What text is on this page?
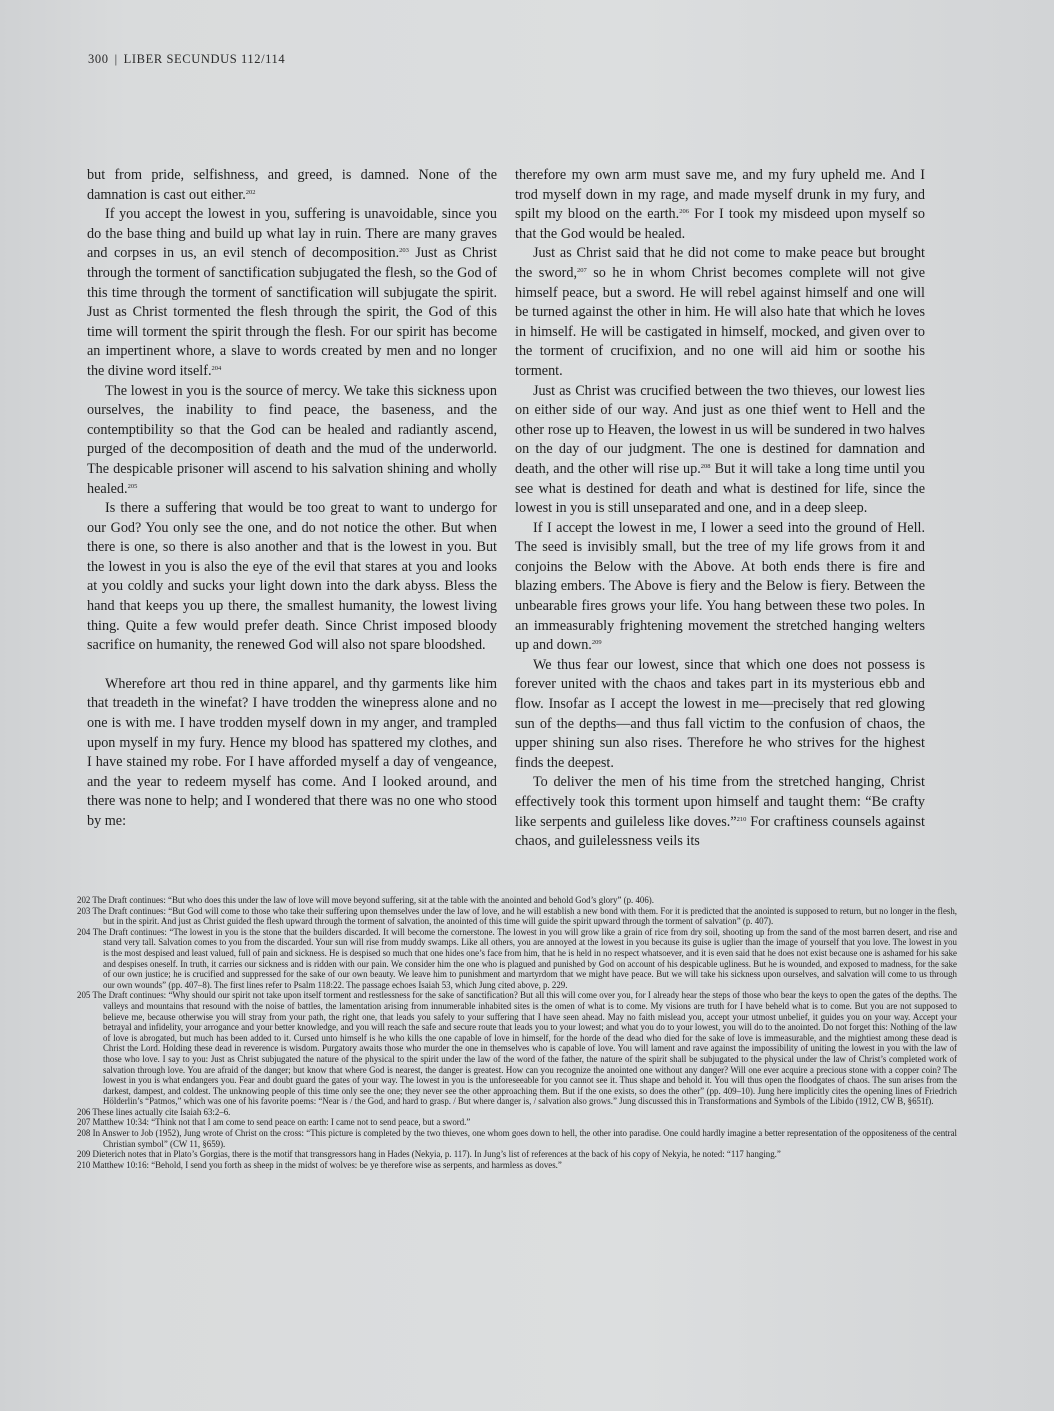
300 | LIBER SECUNDUS 112/114

but from pride, selfishness, and greed, is damned. None of the damnation is cast out either.$^{202}$

If you accept the lowest in you, suffering is unavoidable, since you do the base thing and build up what lay in ruin. There are many graves and corpses in us, an evil stench of decomposition.$^{203}$ Just as Christ through the torment of sanctification subjugated the flesh, so the God of this time through the torment of sanctification will subjugate the spirit. Just as Christ tormented the flesh through the spirit, the God of this time will torment the spirit through the flesh. For our spirit has become an impertinent whore, a slave to words created by men and no longer the divine word itself.$^{204}$

The lowest in you is the source of mercy. We take this sickness upon ourselves, the inability to find peace, the baseness, and the contemptibility so that the God can be healed and radiantly ascend, purged of the decomposition of death and the mud of the underworld. The despicable prisoner will ascend to his salvation shining and wholly healed.$^{205}$

Is there a suffering that would be too great to want to undergo for our God? You only see the one, and do not notice the other. But when there is one, so there is also another and that is the lowest in you. But the lowest in you is also the eye of the evil that stares at you and looks at you coldly and sucks your light down into the dark abyss. Bless the hand that keeps you up there, the smallest humanity, the lowest living thing. Quite a few would prefer death. Since Christ imposed bloody sacrifice on humanity, the renewed God will also not spare bloodshed.

Wherefore art thou red in thine apparel, and thy garments like him that treadeth in the winefat? I have trodden the winepress alone and no one is with me. I have trodden myself down in my anger, and trampled upon myself in my fury. Hence my blood has spattered my clothes, and I have stained my robe. For I have afforded myself a day of vengeance, and the year to redeem myself has come. And I looked around, and there was none to help; and I wondered that there was no one who stood by me:

therefore my own arm must save me, and my fury upheld me. And I trod myself down in my rage, and made myself drunk in my fury, and spilt my blood on the earth.$^{206}$ For I took my misdeed upon myself so that the God would be healed.

Just as Christ said that he did not come to make peace but brought the sword,$^{207}$ so he in whom Christ becomes complete will not give himself peace, but a sword. He will rebel against himself and one will be turned against the other in him. He will also hate that which he loves in himself. He will be castigated in himself, mocked, and given over to the torment of crucifixion, and no one will aid him or soothe his torment.

Just as Christ was crucified between the two thieves, our lowest lies on either side of our way. And just as one thief went to Hell and the other rose up to Heaven, the lowest in us will be sundered in two halves on the day of our judgment. The one is destined for damnation and death, and the other will rise up.$^{208}$ But it will take a long time until you see what is destined for death and what is destined for life, since the lowest in you is still unseparated and one, and in a deep sleep.

If I accept the lowest in me, I lower a seed into the ground of Hell. The seed is invisibly small, but the tree of my life grows from it and conjoins the Below with the Above. At both ends there is fire and blazing embers. The Above is fiery and the Below is fiery. Between the unbearable fires grows your life. You hang between these two poles. In an immeasurably frightening movement the stretched hanging welters up and down.$^{209}$

We thus fear our lowest, since that which one does not possess is forever united with the chaos and takes part in its mysterious ebb and flow. Insofar as I accept the lowest in me—precisely that red glowing sun of the depths—and thus fall victim to the confusion of chaos, the upper shining sun also rises. Therefore he who strives for the highest finds the deepest.

To deliver the men of his time from the stretched hanging, Christ effectively took this torment upon himself and taught them: “Be crafty like serpents and guileless like doves.”$^{210}$ For craftiness counsels against chaos, and guilelessness veils its

202 The Draft continues: “But who does this under the law of love will move beyond suffering, sit at the table with the anointed and behold God’s glory” (p. 406).

203 The Draft continues: “But God will come to those who take their suffering upon themselves under the law of love, and he will establish a new bond with them. For it is predicted that the anointed is supposed to return, but no longer in the flesh, but in the spirit. And just as Christ guided the flesh upward through the torment of salvation, the anointed of this time will guide the spirit upward through the torment of salvation” (p. 407).

204 The Draft continues: “The lowest in you is the stone that the builders discarded. It will become the cornerstone. The lowest in you will grow like a grain of rice from dry soil, shooting up from the sand of the most barren desert, and rise and stand very tall. Salvation comes to you from the discarded. Your sun will rise from muddy swamps. Like all others, you are annoyed at the lowest in you because its guise is uglier than the image of yourself that you love. The lowest in you is the most despised and least valued, full of pain and sickness. He is despised so much that one hides one’s face from him, that he is held in no respect whatsoever, and it is even said that he does not exist because one is ashamed for his sake and despises oneself. In truth, it carries our sickness and is ridden with our pain. We consider him the one who is plagued and punished by God on account of his despicable ugliness. But he is wounded, and exposed to madness, for the sake of our own justice; he is crucified and suppressed for the sake of our own beauty. We leave him to punishment and martyrdom that we might have peace. But we will take his sickness upon ourselves, and salvation will come to us through our own wounds” (pp. 407–8). The first lines refer to Psalm 118:22. The passage echoes Isaiah 53, which Jung cited above, p. 229.

205 The Draft continues: “Why should our spirit not take upon itself torment and restlessness for the sake of sanctification? But all this will come over you, for I already hear the steps of those who bear the keys to open the gates of the depths. The valleys and mountains that resound with the noise of battles, the lamentation arising from innumerable inhabited sites is the omen of what is to come. My visions are truth for I have beheld what is to come. But you are not supposed to believe me, because otherwise you will stray from your path, the right one, that leads you safely to your suffering that I have seen ahead. May no faith mislead you, accept your utmost unbelief, it guides you on your way. Accept your betrayal and infidelity, your arrogance and your better knowledge, and you will reach the safe and secure route that leads you to your lowest; and what you do to your lowest, you will do to the anointed. Do not forget this: Nothing of the law of love is abrogated, but much has been added to it. Cursed unto himself is he who kills the one capable of love in himself, for the horde of the dead who died for the sake of love is immeasurable, and the mightiest among these dead is Christ the Lord. Holding these dead in reverence is wisdom. Purgatory awaits those who murder the one in themselves who is capable of love. You will lament and rave against the impossibility of uniting the lowest in you with the law of those who love. I say to you: Just as Christ subjugated the nature of the physical to the spirit under the law of the word of the father, the nature of the spirit shall be subjugated to the physical under the law of Christ’s completed work of salvation through love. You are afraid of the danger; but know that where God is nearest, the danger is greatest. How can you recognize the anointed one without any danger? Will one ever acquire a precious stone with a copper coin? The lowest in you is what endangers you. Fear and doubt guard the gates of your way. The lowest in you is the unforeseeable for you cannot see it. Thus shape and behold it. You will thus open the floodgates of chaos. The sun arises from the darkest, dampest, and coldest. The unknowing people of this time only see the one; they never see the other approaching them. But if the one exists, so does the other” (pp. 409–10). Jung here implicitly cites the opening lines of Friedrich Hölderlin’s “Patmos,” which was one of his favorite poems: “Near is / the God, and hard to grasp. / But where danger is, / salvation also grows.” Jung discussed this in Transformations and Symbols of the Libido (1912, CW B, §651f).

206 These lines actually cite Isaiah 63:2–6.

207 Matthew 10:34: “Think not that I am come to send peace on earth: I came not to send peace, but a sword.”

208 In Answer to Job (1952), Jung wrote of Christ on the cross: “This picture is completed by the two thieves, one whom goes down to hell, the other into paradise. One could hardly imagine a better representation of the oppositeness of the central Christian symbol” (CW 11, §659).

209 Dieterich notes that in Plato’s Gorgias, there is the motif that transgressors hang in Hades (Nekyia, p. 117). In Jung’s list of references at the back of his copy of Nekyia, he noted: “117 hanging.”

210 Matthew 10:16: “Behold, I send you forth as sheep in the midst of wolves: be ye therefore wise as serpents, and harmless as doves.”
